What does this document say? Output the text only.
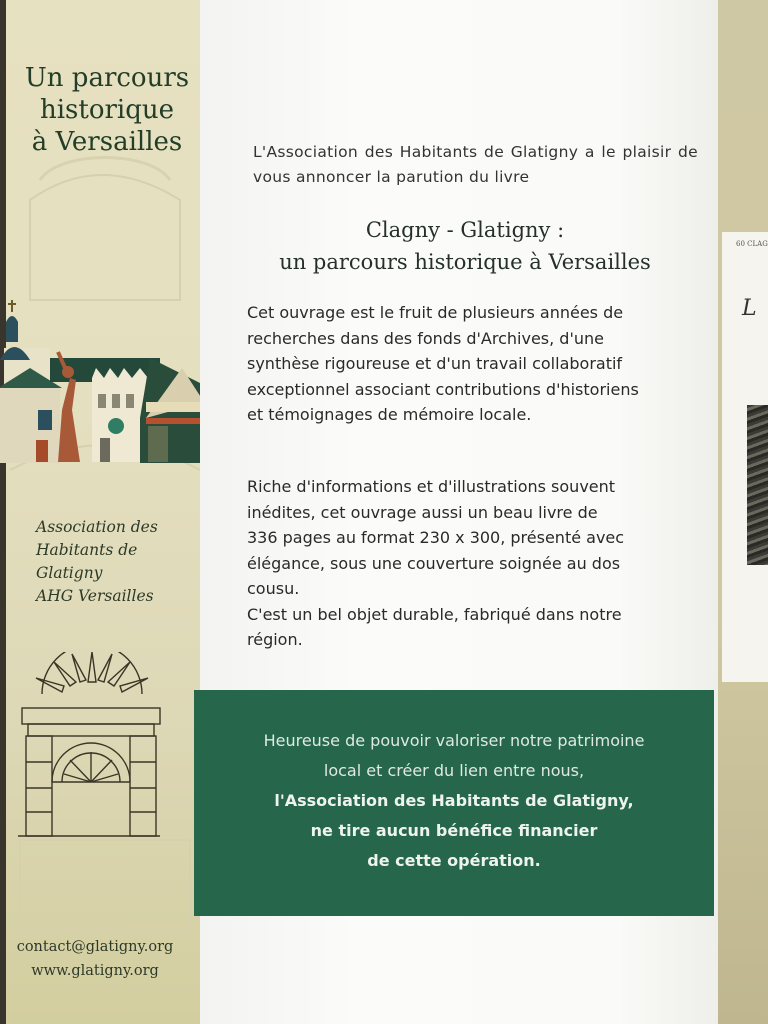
Un parcours
historique
à Versailles
Association des
Habitants de
Glatigny
AHG Versailles
contact@glatigny.org
www.glatigny.org

L'Association des Habitants de Glatigny a le plaisir de vous annoncer la parution du livre

Clagny - Glatigny :
un parcours historique à Versailles

Cet ouvrage est le fruit de plusieurs années de
recherches dans des fonds d'Archives, d'une
synthèse rigoureuse et d'un travail collaboratif
exceptionnel associant contributions d'historiens
et témoignages de mémoire locale.

Riche d'informations et d'illustrations souvent
inédites, cet ouvrage aussi un beau livre de
336 pages au format 230 x 300, présenté avec
élégance, sous une couverture soignée au dos
cousu.
C'est un bel objet durable, fabriqué dans notre
région.

Heureuse de pouvoir valoriser notre patrimoine
local et créer du lien entre nous,

l'Association des Habitants de Glatigny,
ne tire aucun bénéfice financier
de cette opération.

60 CLAG
L
